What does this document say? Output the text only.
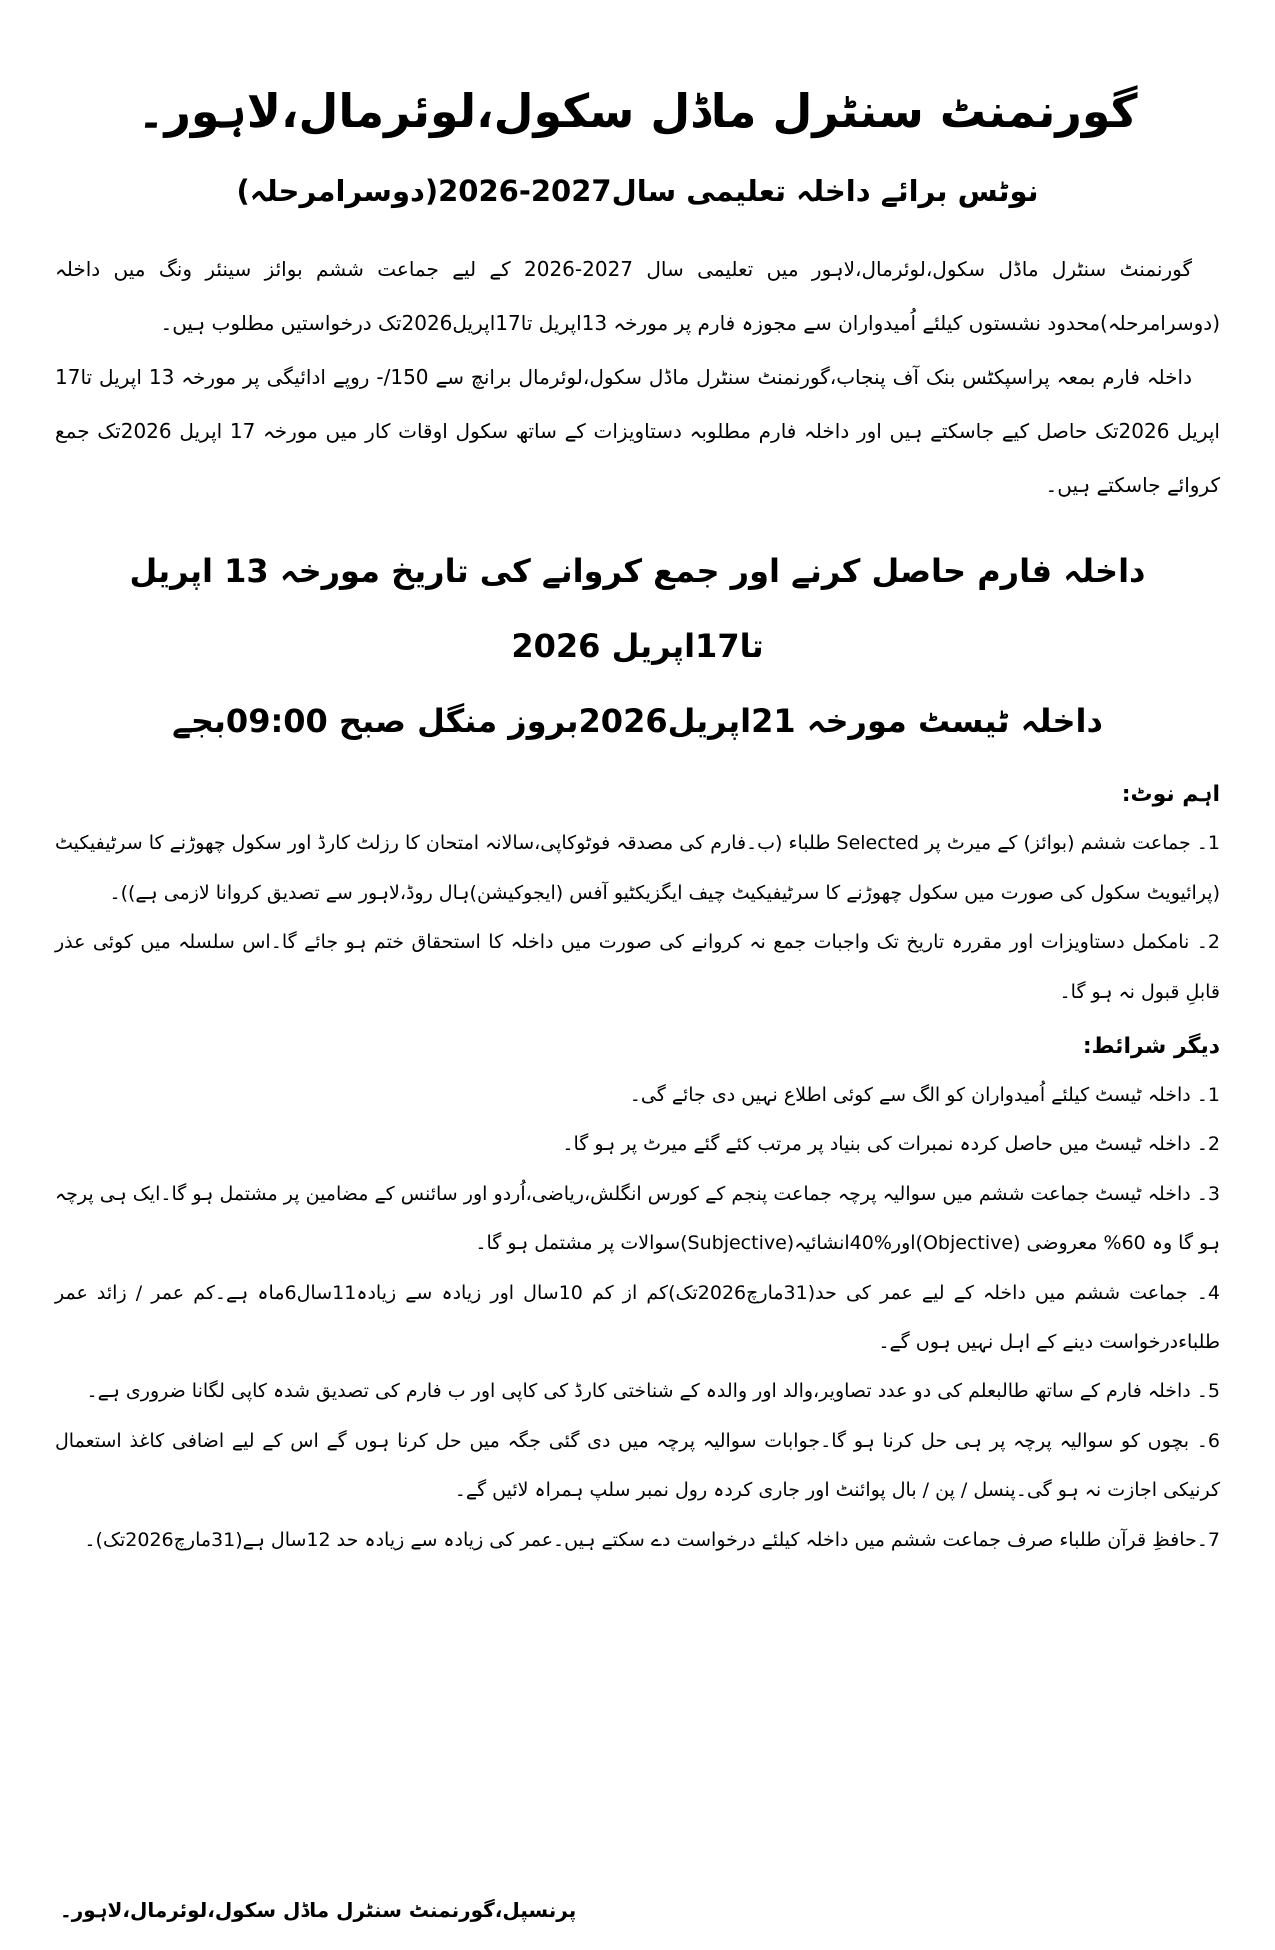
گورنمنٹ سنٹرل ماڈل سکول،لوئرمال،لاہور۔
نوٹس برائے داخلہ تعلیمی سال2027-2026(دوسرامرحلہ)

گورنمنٹ سنٹرل ماڈل سکول،لوئرمال،لاہور میں تعلیمی سال 2027-2026 کے لیے جماعت ششم بوائز سینئر ونگ میں داخلہ (دوسرامرحلہ)محدود نشستوں کیلئے اُمیدواران سے مجوزہ فارم پر مورخہ 13اپریل تا17اپریل2026تک درخواستیں مطلوب ہیں۔

داخلہ فارم بمعہ پراسپکٹس بنک آف پنجاب،گورنمنٹ سنٹرل ماڈل سکول،لوئرمال برانچ سے 150/- روپے ادائیگی پر مورخہ 13 اپریل تا17 اپریل 2026تک حاصل کیے جاسکتے ہیں اور داخلہ فارم مطلوبہ دستاویزات کے ساتھ سکول اوقات کار میں مورخہ 17 اپریل 2026تک جمع کروائے جاسکتے ہیں۔

داخلہ فارم حاصل کرنے اور جمع کروانے کی تاریخ مورخہ 13 اپریل تا17اپریل 2026
داخلہ ٹیسٹ مورخہ 21اپریل2026بروز منگل صبح 09:00بجے
اہم نوٹ:

1۔ جماعت ششم (بوائز) کے میرٹ پر Selected طلباء (ب۔فارم کی مصدقہ فوٹوکاپی،سالانہ امتحان کا رزلٹ کارڈ اور سکول چھوڑنے کا سرٹیفیکیٹ (پرائیویٹ سکول کی صورت میں سکول چھوڑنے کا سرٹیفیکیٹ چیف ایگزیکٹیو آفس (ایجوکیشن)ہال روڈ،لاہور سے تصدیق کروانا لازمی ہے))۔

2۔ نامکمل دستاویزات اور مقررہ تاریخ تک واجبات جمع نہ کروانے کی صورت میں داخلہ کا استحقاق ختم ہو جائے گا۔اس سلسلہ میں کوئی عذر قابلِ قبول نہ ہو گا۔

دیگر شرائط:

1۔ داخلہ ٹیسٹ کیلئے اُمیدواران کو الگ سے کوئی اطلاع نہیں دی جائے گی۔

2۔ داخلہ ٹیسٹ میں حاصل کردہ نمبرات کی بنیاد پر مرتب کئے گئے میرٹ پر ہو گا۔

3۔ داخلہ ٹیسٹ جماعت ششم میں سوالیہ پرچہ جماعت پنجم کے کورس انگلش،ریاضی،اُردو اور سائنس کے مضامین پر مشتمل ہو گا۔ایک ہی پرچہ ہو گا وہ 60% معروضی (Objective)اور%40انشائیہ(Subjective)سوالات پر مشتمل ہو گا۔

4۔ جماعت ششم میں داخلہ کے لیے عمر کی حد(31مارچ2026تک)کم از کم 10سال اور زیادہ سے زیادہ11سال6ماہ ہے۔کم عمر / زائد عمر طلباءدرخواست دینے کے اہل نہیں ہوں گے۔

5۔ داخلہ فارم کے ساتھ طالبعلم کی دو عدد تصاویر،والد اور والدہ کے شناختی کارڈ کی کاپی اور ب فارم کی تصدیق شدہ کاپی لگانا ضروری ہے۔

6۔ بچوں کو سوالیہ پرچہ پر ہی حل کرنا ہو گا۔جوابات سوالیہ پرچہ میں دی گئی جگہ میں حل کرنا ہوں گے اس کے لیے اضافی کاغذ استعمال کرنیکی اجازت نہ ہو گی۔پنسل / پن / بال پوائنٹ اور جاری کردہ رول نمبر سلپ ہمراہ لائیں گے۔

7۔حافظِ قرآن طلباء صرف جماعت ششم میں داخلہ کیلئے درخواست دے سکتے ہیں۔عمر کی زیادہ سے زیادہ حد 12سال ہے(31مارچ2026تک)۔

پرنسپل،گورنمنٹ سنٹرل ماڈل سکول،لوئرمال،لاہور۔
